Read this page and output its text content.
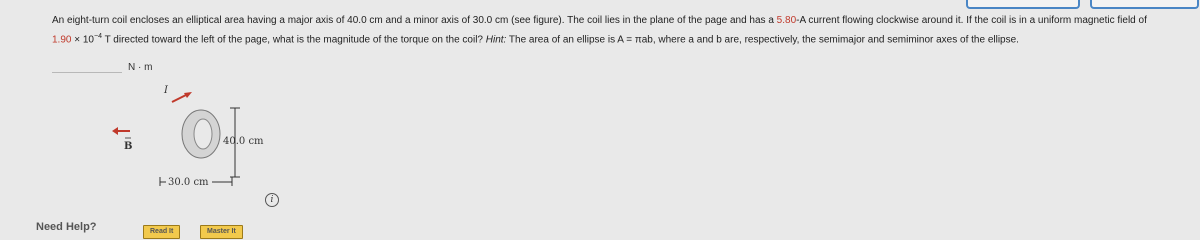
An eight-turn coil encloses an elliptical area having a major axis of 40.0 cm and a minor axis of 30.0 cm (see figure). The coil lies in the plane of the page and has a 5.80-A current flowing clockwise around it. If the coil is in a uniform magnetic field of $1.90 \times 10^{-4}$ T directed toward the left of the page, what is the magnitude of the torque on the coil? Hint: The area of an ellipse is A = πab, where a and b are, respectively, the semimajor and semiminor axes of the ellipse.
N · m
I
B	40.0 cm
30.0 cm
i
Need Help?	Read It	Master It
